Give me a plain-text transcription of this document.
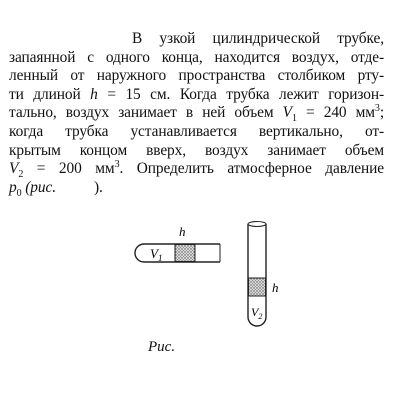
В узкой цилиндрической трубке,
запаянной с одного конца, находится воздух, отде-
ленный от наружного пространства столбиком рту-
ти длиной h = 15 см. Когда трубка лежит горизон-
тально, воздух занимает в ней объем $V_1 = 240$ $мм^3$;
когда трубка устанавливается вертикально, от-
крытым концом вверх, воздух занимает объем
$V_2 = 200$ $мм^3$. Определить атмосферное давление
$p_0$ (рис. ).
h
$V_1$
h
$V_2$
Рис.
